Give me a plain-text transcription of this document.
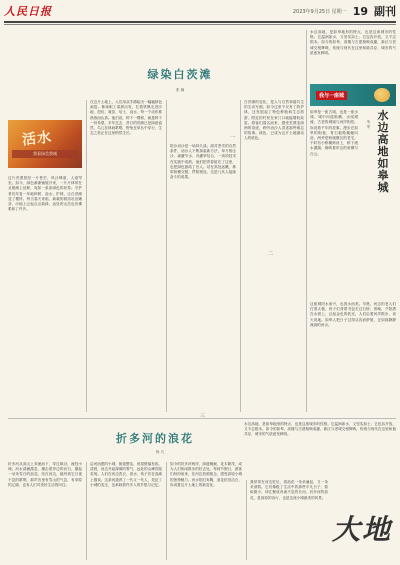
人民日报	2023年9月25日 星期一 19 副刊
绿染白茨滩
张 楠
活水
我看绿美我城
这片荒漠曾经一片苍茫，风沙肆虐，人迹罕至。如今，绿色渐渐铺展开来，一片片林带在戈壁滩上延伸，宛如一条条绿色的丝带。守护者们年复一年地种树、浇水、护林，让白茨滩变了模样。每当春天来临，新栽的树苗吐出嫩芽，沙地上泛起点点新绿，远处的山峦也仿佛柔和了许多。
在这片土地上，人们用双手描绘出一幅幅绿色画卷。林场职工清晨出发，扛着铁锹走进沙地，挖坑、栽苗、培土、浇水，每一个动作都熟练而认真。他们说，种下一棵树，就是种下一份希望。多年过去，昔日的荒滩已是绿意盎然，鸟儿在林间歌唱，野兔在草丛中穿行，生态之美正在这里悄然生长。
一
防沙治沙是一场持久战。面对恶劣的自然条件，治沙人不断探索新方法，草方格压沙、滴灌节水、乔灌草结合，一项项技术在实践中成熟。他们把青春留在了这里，也把绿色留给了后人。站在高处远眺，林带纵横交错，阡陌相连，这是几代人接续奋斗的成果。
二
白茨滩的变化，是人与自然和谐共生的生动写照。如今这里不仅有了防护林，还发展起了特色种植和生态旅游，附近的村民在家门口就能增收致富。游客们慕名而来，感受荒漠变绿洲的奇迹，聆听治沙人讲述那些难忘的故事。绿色，已成为这片土地最动人的底色。
三
水边高地，是如皋地形的特点，也是这座城市的性格。它温润如水，又坚实如土；它包容开放，又不忘根本。如今的如皋，高楼与古建相映成趣，新区与老城交相辉映，传统与现代在这里和谐共存，城市的气质愈发鲜明。
我与一座城
如皋是一座古城，也是一座水城。城中河道纵横，水绕城流，古老的城墙与河岸相依，诉说着千年的故事。漫步在如皋的街巷，青石板路蜿蜒向前，两旁是粉墙黛瓦的老宅，不时有小桥横跨河上，桥下流水潺潺，倒映着岸边的垂柳与白云。
朱 军
水边高地如皋城
这座城因水而兴，也因水而美。早晨，河边的老人们打着太极，孩子们背着书包走过石桥；傍晚，夕阳洒在水面上，泛起金色的波光，人们沿着河岸散步，谈天说地。如皋人把日子过得从容而舒展，正如那静静流淌的河水。
水边高地，是如皋地形的特点，也是这座城市的性格。它温润如水，又坚实如土；它包容开放，又不忘根本。如今的如皋，高楼与古建相映成趣，新区与老城交相辉映，传统与现代在这里和谐共存，城市的气质愈发鲜明。
折多河的浪花
杨 凡
折多河从高山上奔流而下，穿过峡谷，流经小城。河水清澈湍急，撞击着岸边的岩石，激起一朵朵雪白的浪花。站在河边，能听到它日夜不息的歌唱，那声音里有雪山的气息，有草原的辽阔，也有人们对美好生活的向往。
沿河而建的小城，街道整洁，房屋错落有致。清晨，河边升起薄薄的雾气，远处的山峰若隐若现。人们在河边洗衣、汲水，孩子们在浅滩上嬉戏。这条河滋养了一代又一代人，见证了小城的变迁，也承载着许多人的乡愁与记忆。
如今的折多河两岸，绿道蜿蜒，花木繁茂，成为人们休闲散步的好去处。每到节假日，游客们纷纷前来，在河边拍照留念，感受高原小城的独特魅力。河水依旧奔腾，浪花依旧洁白，诉说着这片土地上的新变化。
我常常在河边驻足，看浪花一朵朵涌起，又一朵朵消散。它们像极了生活中的那些平凡日子，看似微小，却汇聚成奔流不息的长河。折多河的浪花，是高原的诗行，也是这座小城最美的风景。
大地
